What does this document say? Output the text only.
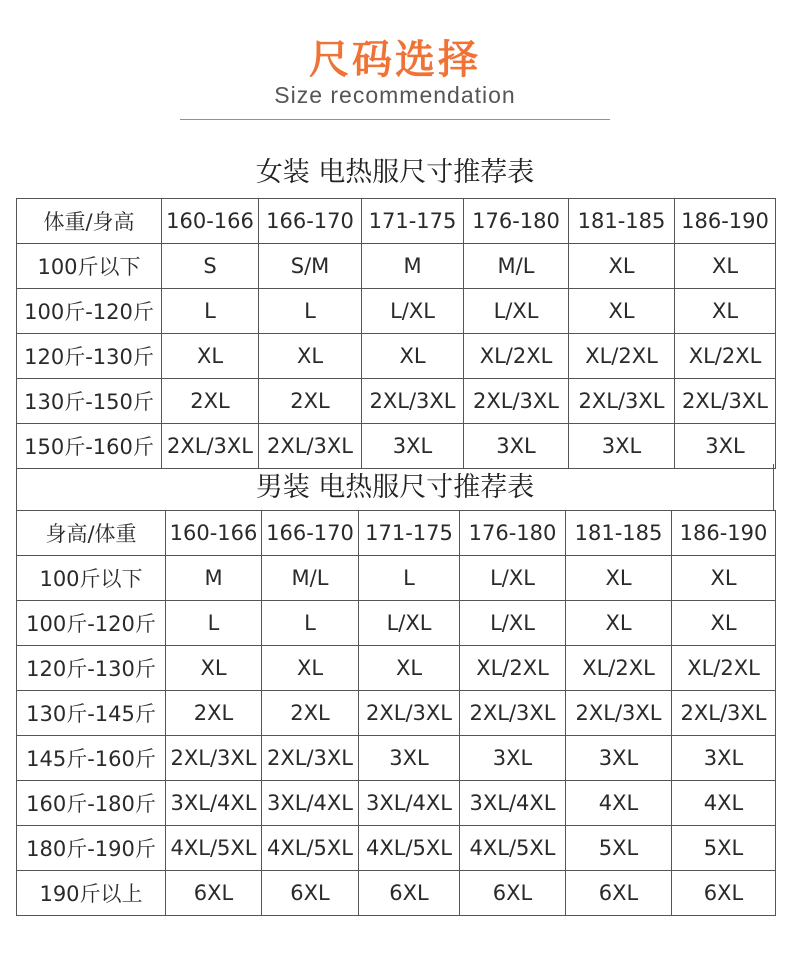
尺码选择
Size recommendation
女装 电热服尺寸推荐表
体重/身高	160-166	166-170	171-175	176-180	181-185	186-190
100斤以下	S	S/M	M	M/L	XL	XL
100斤-120斤	L	L	L/XL	L/XL	XL	XL
120斤-130斤	XL	XL	XL	XL/2XL	XL/2XL	XL/2XL
130斤-150斤	2XL	2XL	2XL/3XL	2XL/3XL	2XL/3XL	2XL/3XL
150斤-160斤	2XL/3XL	2XL/3XL	3XL	3XL	3XL	3XL
男装 电热服尺寸推荐表
身高/体重	160-166	166-170	171-175	176-180	181-185	186-190
100斤以下	M	M/L	L	L/XL	XL	XL
100斤-120斤	L	L	L/XL	L/XL	XL	XL
120斤-130斤	XL	XL	XL	XL/2XL	XL/2XL	XL/2XL
130斤-145斤	2XL	2XL	2XL/3XL	2XL/3XL	2XL/3XL	2XL/3XL
145斤-160斤	2XL/3XL	2XL/3XL	3XL	3XL	3XL	3XL
160斤-180斤	3XL/4XL	3XL/4XL	3XL/4XL	3XL/4XL	4XL	4XL
180斤-190斤	4XL/5XL	4XL/5XL	4XL/5XL	4XL/5XL	5XL	5XL
190斤以上	6XL	6XL	6XL	6XL	6XL	6XL
